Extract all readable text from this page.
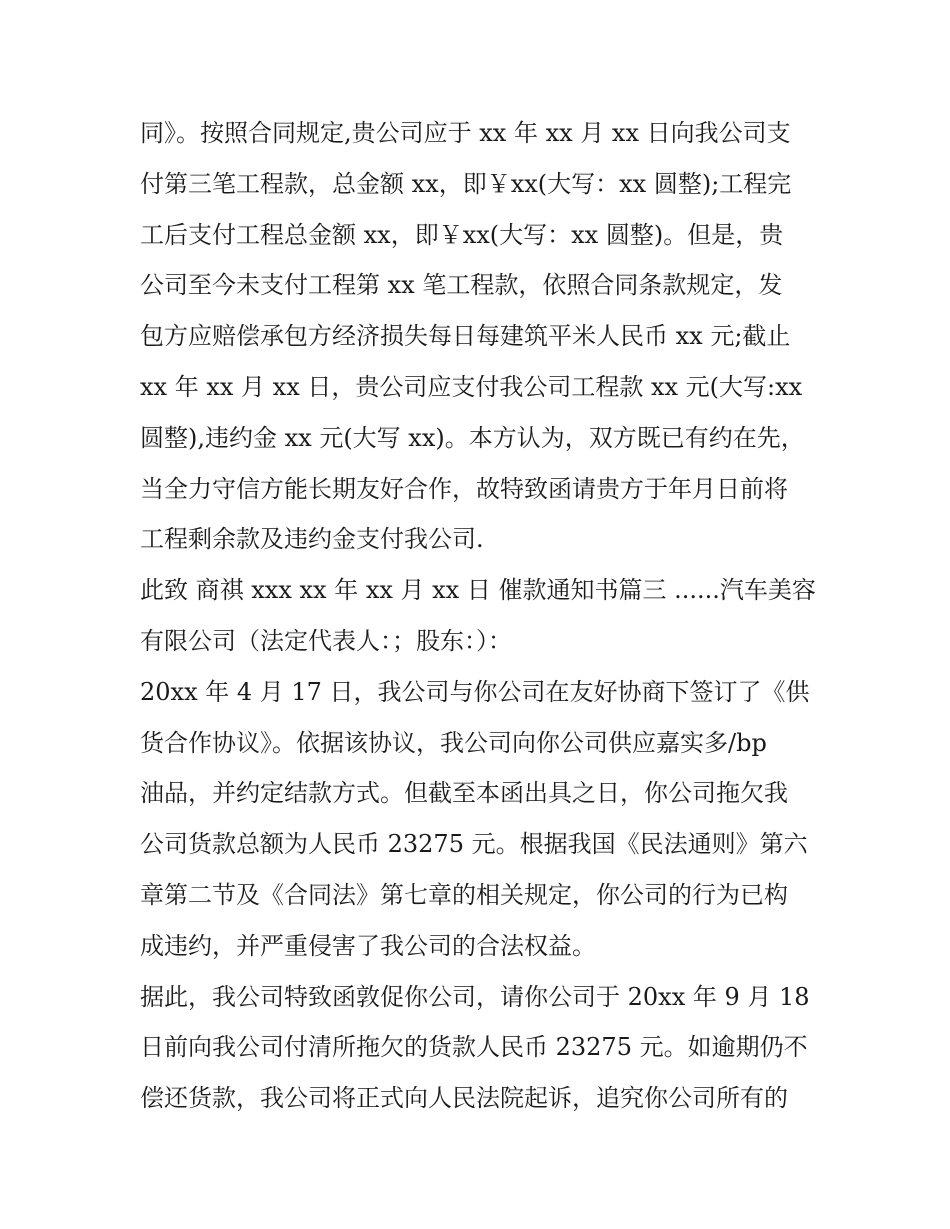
同》。按照合同规定,贵公司应于 xx 年 xx 月 xx 日向我公司支
付第三笔工程款，总金额 xx，即￥xx(大写：xx 圆整);工程完
工后支付工程总金额 xx，即￥xx(大写：xx 圆整)。但是，贵
公司至今未支付工程第 xx 笔工程款，依照合同条款规定，发
包方应赔偿承包方经济损失每日每建筑平米人民币 xx 元;截止
xx 年 xx 月 xx 日，贵公司应支付我公司工程款 xx 元(大写:xx
圆整),违约金 xx 元(大写 xx)。本方认为，双方既已有约在先，
当全力守信方能长期友好合作，故特致函请贵方于年月日前将
工程剩余款及违约金支付我公司.
此致 商祺 xxx xx 年 xx 月 xx 日 催款通知书篇三 ......汽车美容
有限公司（法定代表人：；股东：）：
20xx 年 4 月 17 日，我公司与你公司在友好协商下签订了《供
货合作协议》。依据该协议，我公司向你公司供应嘉实多/bp
油品，并约定结款方式。但截至本函出具之日，你公司拖欠我
公司货款总额为人民币 23275 元。根据我国《民法通则》第六
章第二节及《合同法》第七章的相关规定，你公司的行为已构
成违约，并严重侵害了我公司的合法权益。
据此，我公司特致函敦促你公司，请你公司于 20xx 年 9 月 18
日前向我公司付清所拖欠的货款人民币 23275 元。如逾期仍不
偿还货款，我公司将正式向人民法院起诉，追究你公司所有的
